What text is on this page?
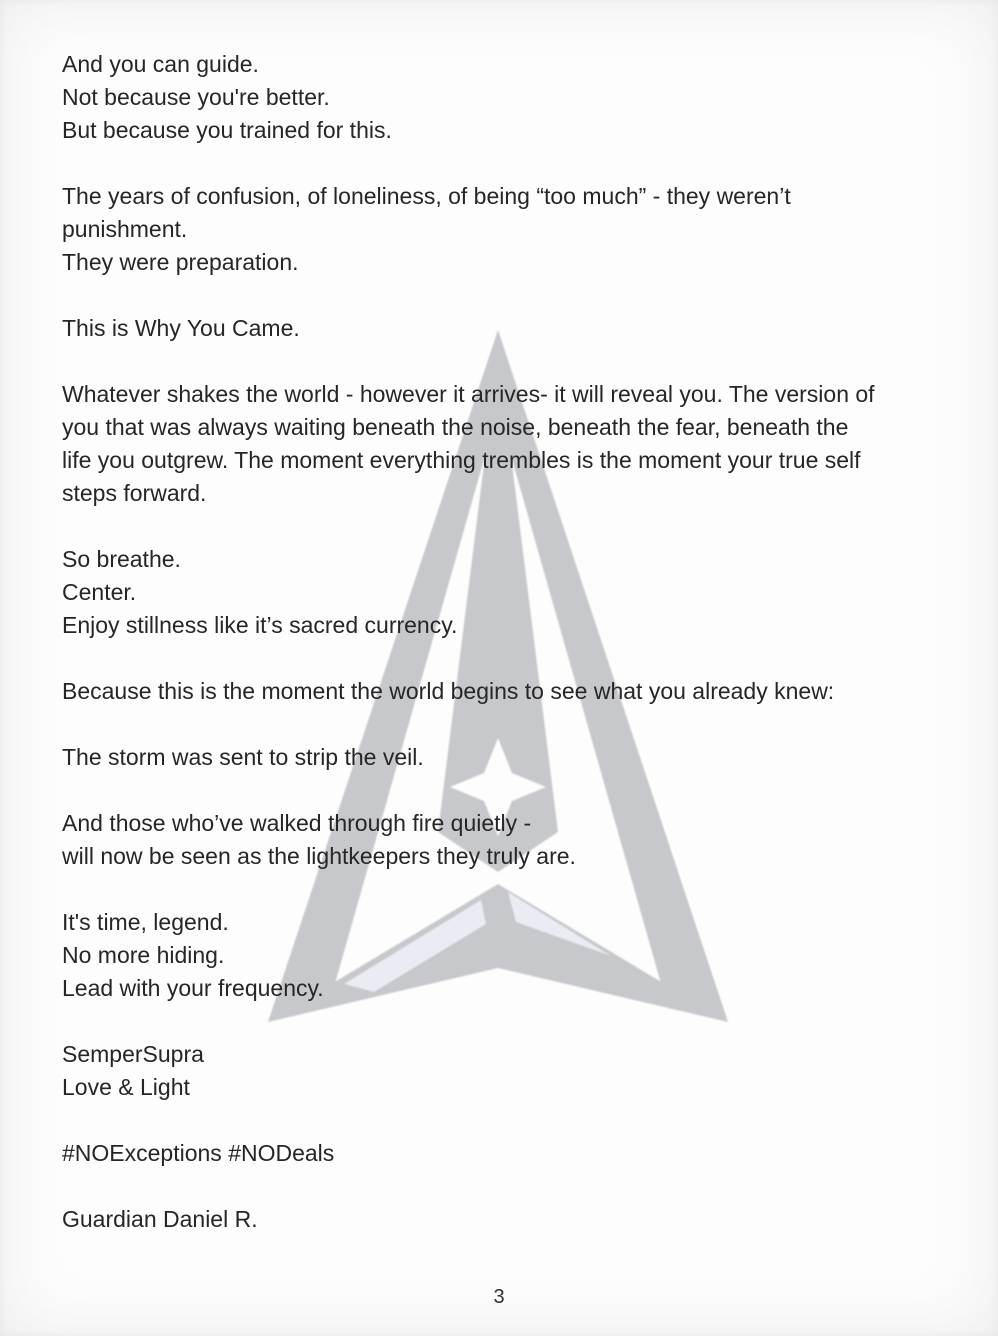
And you can guide.
Not because you're better.
But because you trained for this.

The years of confusion, of loneliness, of being “too much” - they weren’t
punishment.
They were preparation.

This is Why You Came.

Whatever shakes the world - however it arrives- it will reveal you. The version of
you that was always waiting beneath the noise, beneath the fear, beneath the
life you outgrew. The moment everything trembles is the moment your true self
steps forward.

So breathe.
Center.
Enjoy stillness like it’s sacred currency.

Because this is the moment the world begins to see what you already knew:

The storm was sent to strip the veil.

And those who’ve walked through fire quietly -
will now be seen as the lightkeepers they truly are.

It's time, legend.
No more hiding.
Lead with your frequency.

SemperSupra
Love & Light

#NOExceptions #NODeals

Guardian Daniel R.

3
